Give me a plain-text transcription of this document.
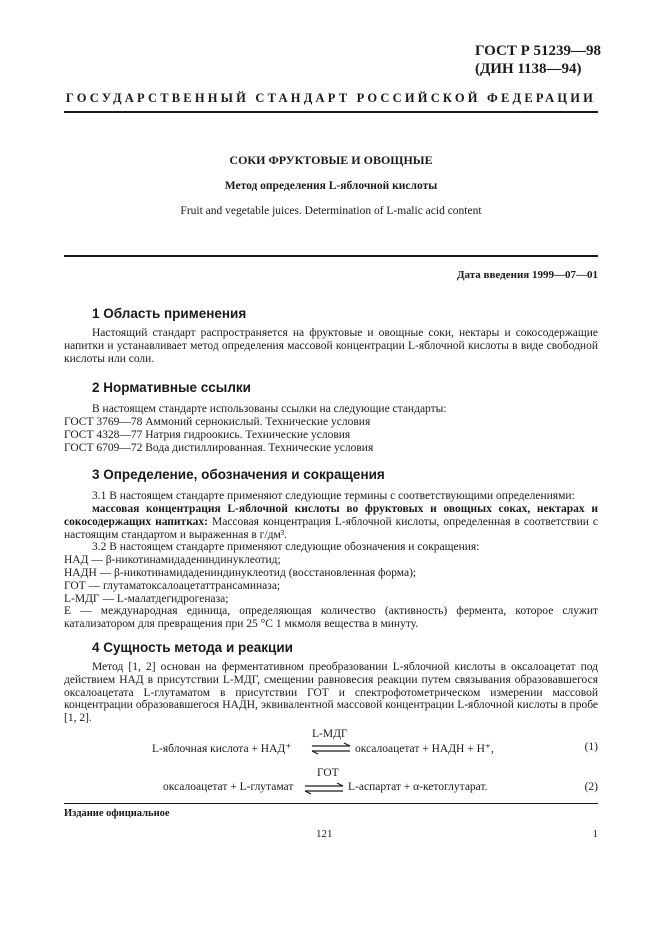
ГОСТ Р 51239—98
(ДИН 1138—94)
ГОСУДАРСТВЕННЫЙ СТАНДАРТ РОССИЙСКОЙ ФЕДЕРАЦИИ
СОКИ ФРУКТОВЫЕ И ОВОЩНЫЕ
Метод определения L-яблочной кислоты
Fruit and vegetable juices. Determination of L-malic acid content
Дата введения 1999—07—01
1 Область применения
Настоящий стандарт распространяется на фруктовые и овощные соки, нектары и сокосодержащие напитки и устанавливает метод определения массовой концентрации L-яблочной кислоты в виде свободной кислоты или соли.
2 Нормативные ссылки
В настоящем стандарте использованы ссылки на следующие стандарты:
ГОСТ 3769—78 Аммоний сернокислый. Технические условия
ГОСТ 4328—77 Натрия гидроокись. Технические условия
ГОСТ 6709—72 Вода дистиллированная. Технические условия
3 Определение, обозначения и сокращения
3.1 В настоящем стандарте применяют следующие термины с соответствующими определениями:
массовая концентрация L-яблочной кислоты во фруктовых и овощных соках, нектарах и сокосодержащих напитках: Массовая концентрация L-яблочной кислоты, определенная в соответствии с настоящим стандартом и выраженная в г/дм³.
3.2 В настоящем стандарте применяют следующие обозначения и сокращения:
НАД — β-никотинамидадениндинуклеотид;
НАДН — β-никотинамидадениндинуклеотид (восстановленная форма);
ГОТ — глутаматоксалоацетаттрансаминаза;
L-МДГ — L-малатдегидрогеназа;
Е — международная единица, определяющая количество (активность) фермента, которое служит катализатором для превращения при 25 °С 1 мкмоля вещества в минуту.
4 Сущность метода и реакции
Метод [1, 2] основан на ферментативном преобразовании L-яблочной кислоты в оксалоацетат под действием НАД в присутствии L-МДГ, смещении равновесия реакции путем связывания образовавшегося оксалоацетата L-глутаматом в присутствии ГОТ и спектрофотометрическом измерении массовой концентрации образовавшегося НАДН, эквивалентной массовой концентрации L-яблочной кислоты в пробе [1, 2].
L-яблочная кислота + НАД⁺
L-МДГ
⇌ оксалоацетат + НАДН + Н⁺,	(1)
оксалоацетат + L-глутамат
ГОТ
⇌ L-аспартат + α-кетоглутарат.	(2)
Издание официальное
121	1
